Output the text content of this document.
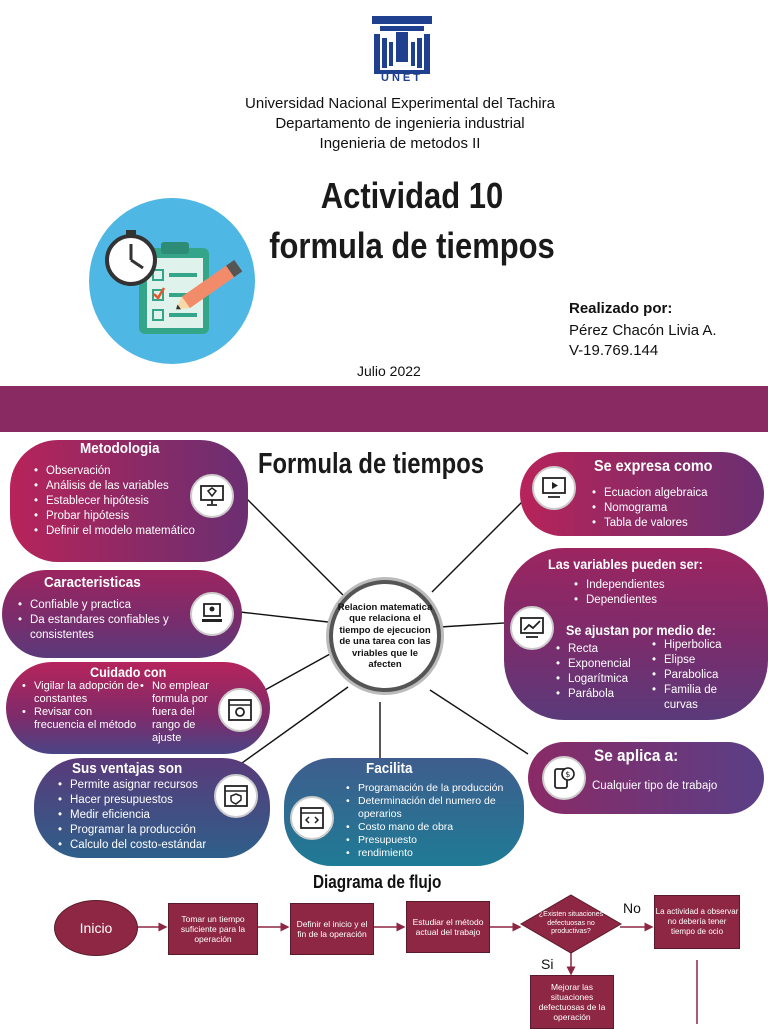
UNET
Universidad Nacional Experimental del Tachira
Departamento de ingenieria industrial
Ingenieria de metodos II
Actividad 10
formula de tiempos
Realizado por:
Pérez Chacón Livia A.
V-19.769.144
Julio 2022
Formula de tiempos
Relacion matematica que relaciona el tiempo de ejecucion de una tarea con las vriables que le afecten
Metodologia
• Observación
• Análisis de las variables
• Establecer hipótesis
• Probar hipótesis
• Definir el modelo matemático
Caracteristicas
• Confiable y practica
• Da estandares confiables y consistentes
Cuidado con
• Vigilar la adopción de constantes
• Revisar con frecuencia el método
• No emplear formula por fuera del rango de ajuste
Sus ventajas son
• Permite asignar recursos
• Hacer presupuestos
• Medir eficiencia
• Programar la producción
• Calculo del costo-estándar
Facilita
• Programación de la producción
• Determinación del numero de operarios
• Costo mano de obra
• Presupuesto
• rendimiento
Se expresa como
• Ecuacion algebraica
• Nomograma
• Tabla de valores
Las variables pueden ser:
• Independientes
• Dependientes
Se ajustan por medio de:
• Recta
• Exponencial
• Logarítmica
• Parábola
• Hiperbolica
• Elipse
• Parabolica
• Familia de curvas
Se aplica a:
Cualquier tipo de trabajo
$
Diagrama de flujo
Inicio
Tomar un tiempo suficiente para la operación
Definir el inicio y el fin de la operación
Estudiar el método actual del trabajo
¿Existen situaciones defectuosas no productivas?
No
Si
La actividad a observar no debería tener tiempo de ocio
Mejorar las situaciones defectuosas de la operación
